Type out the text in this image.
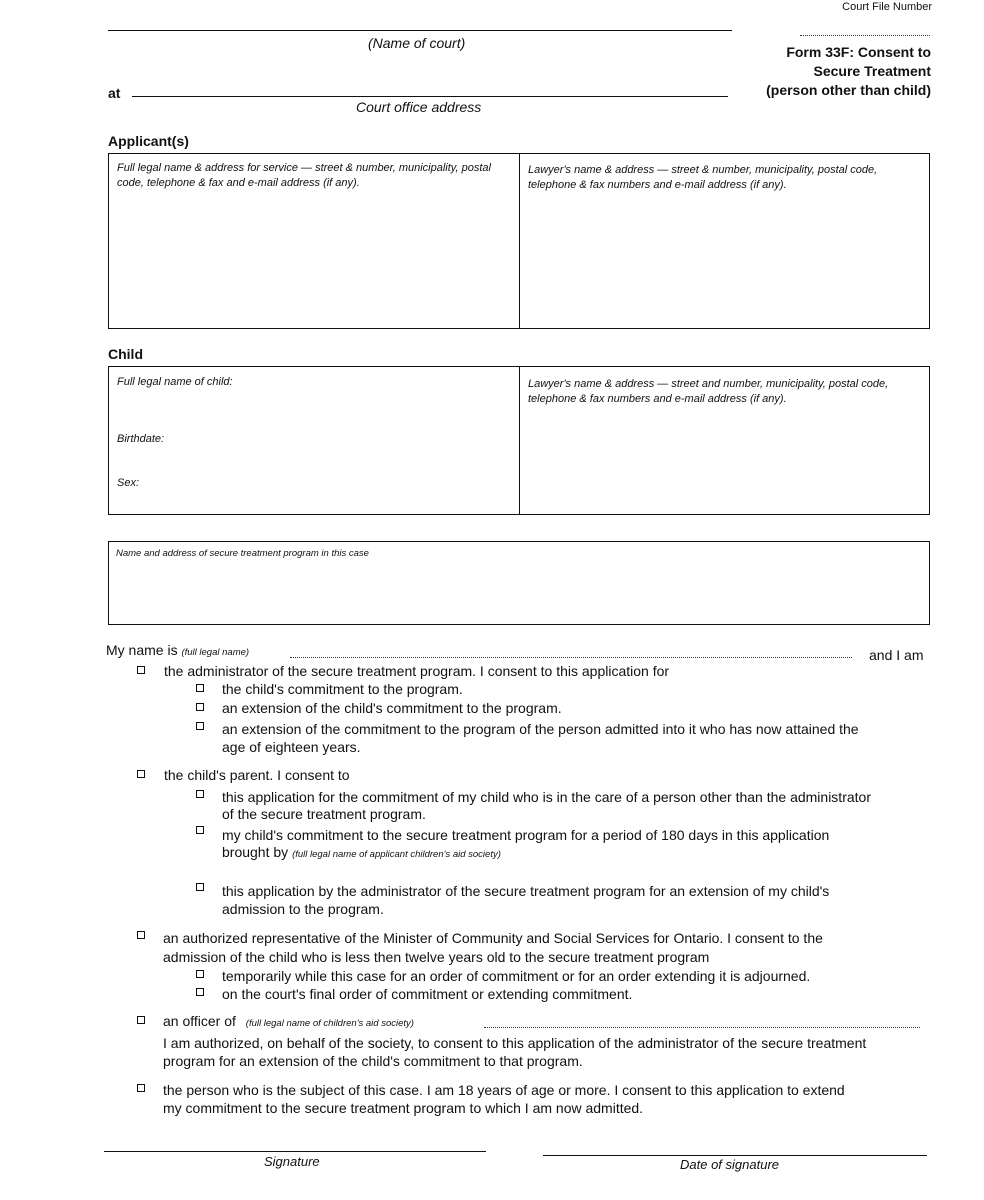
Court File Number
(Name of court)
at
Court office address
Form 33F: Consent to
Secure Treatment
(person other than child)
Applicant(s)
Full legal name & address for service — street & number, municipality, postal code, telephone & fax and e-mail address (if any).
Lawyer's name & address — street & number, municipality, postal code, telephone & fax numbers and e-mail address (if any).
Child
Full legal name of child:
Birthdate:
Sex:
Lawyer's name & address — street and number, municipality, postal code, telephone & fax numbers and e-mail address (if any).
Name and address of secure treatment program in this case
My name is (full legal name)	and I am
the administrator of the secure treatment program. I consent to this application for
the child's commitment to the program.
an extension of the child's commitment to the program.
an extension of the commitment to the program of the person admitted into it who has now attained the
age of eighteen years.
the child's parent. I consent to
this application for the commitment of my child who is in the care of a person other than the administrator
of the secure treatment program.
my child's commitment to the secure treatment program for a period of 180 days in this application
brought by (full legal name of applicant children's aid society)
this application by the administrator of the secure treatment program for an extension of my child's
admission to the program.
an authorized representative of the Minister of Community and Social Services for Ontario. I consent to the
admission of the child who is less then twelve years old to the secure treatment program
temporarily while this case for an order of commitment or for an order extending it is adjourned.
on the court's final order of commitment or extending commitment.
an officer of (full legal name of children's aid society)
I am authorized, on behalf of the society, to consent to this application of the administrator of the secure treatment
program for an extension of the child's commitment to that program.
the person who is the subject of this case. I am 18 years of age or more. I consent to this application to extend
my commitment to the secure treatment program to which I am now admitted.
Signature	Date of signature
